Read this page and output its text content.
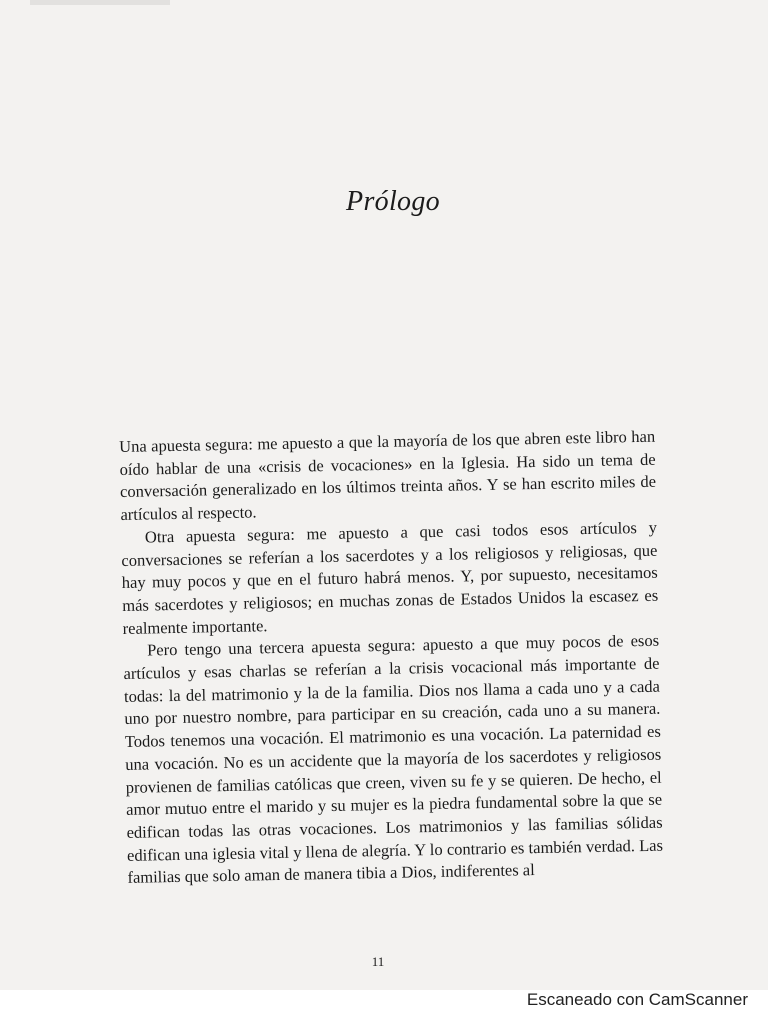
Prólogo

Una apuesta segura: me apuesto a que la mayoría de los que abren este libro han oído hablar de una «crisis de vocaciones» en la Iglesia. Ha sido un tema de conversación generalizado en los últimos treinta años. Y se han escrito miles de artículos al respecto.

Otra apuesta segura: me apuesto a que casi todos esos artículos y conversaciones se referían a los sacerdotes y a los religiosos y religiosas, que hay muy pocos y que en el futuro habrá menos. Y, por supuesto, necesitamos más sacerdotes y religiosos; en muchas zonas de Estados Unidos la escasez es realmente importante.

Pero tengo una tercera apuesta segura: apuesto a que muy pocos de esos artículos y esas charlas se referían a la crisis vocacional más importante de todas: la del matrimonio y la de la familia. Dios nos llama a cada uno y a cada uno por nuestro nombre, para participar en su creación, cada uno a su manera. Todos tenemos una vocación. El matrimonio es una vocación. La paternidad es una vocación. No es un accidente que la mayoría de los sacerdotes y religiosos provienen de familias católicas que creen, viven su fe y se quieren. De hecho, el amor mutuo entre el marido y su mujer es la piedra fundamental sobre la que se edifican todas las otras vocaciones. Los matrimonios y las familias sólidas edifican una iglesia vital y llena de alegría. Y lo contrario es también verdad. Las familias que solo aman de manera tibia a Dios, indiferentes al

11
Escaneado con CamScanner
